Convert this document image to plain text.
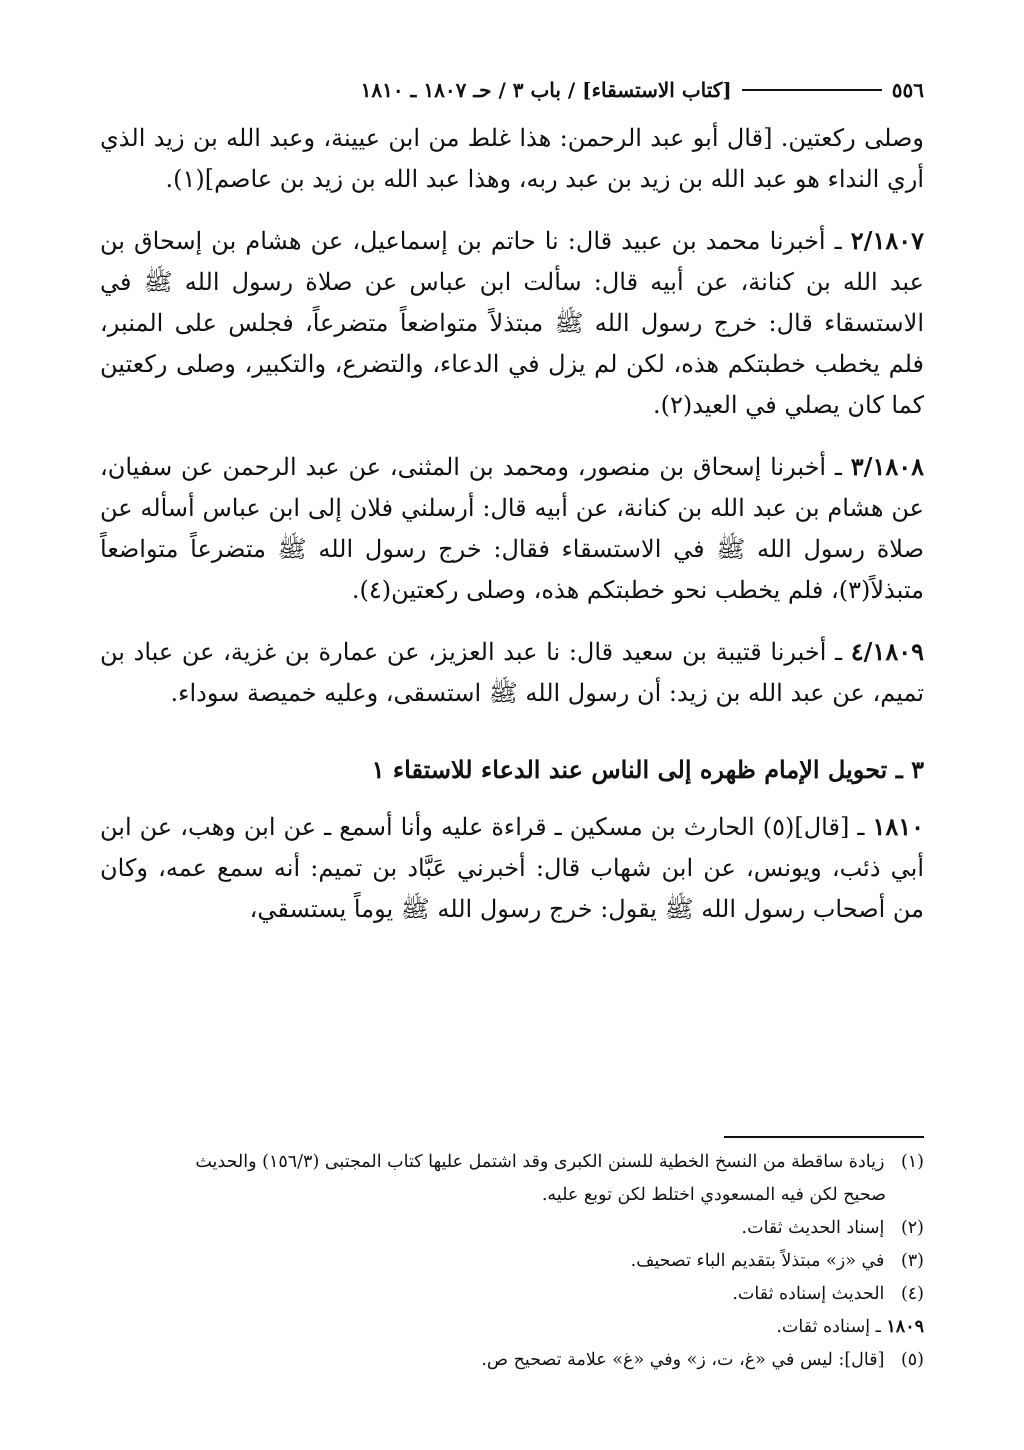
٥٥٦
[كتاب الاستسقاء] / باب ٣ / حـ ١٨٠٧ ـ ١٨١٠

وصلى ركعتين. [قال أبو عبد الرحمن: هذا غلط من ابن عيينة، وعبد الله بن زيد الذي أري النداء هو عبد الله بن زيد بن عبد ربه، وهذا عبد الله بن زيد بن عاصم](١).

٢/١٨٠٧ ـ أخبرنا محمد بن عبيد قال: نا حاتم بن إسماعيل، عن هشام بن إسحاق بن عبد الله بن كنانة، عن أبيه قال: سألت ابن عباس عن صلاة رسول الله ﷺ في الاستسقاء قال: خرج رسول الله ﷺ مبتذلاً متواضعاً متضرعاً، فجلس على المنبر، فلم يخطب خطبتكم هذه، لكن لم يزل في الدعاء، والتضرع، والتكبير، وصلى ركعتين كما كان يصلي في العيد(٢).

٣/١٨٠٨ ـ أخبرنا إسحاق بن منصور، ومحمد بن المثنى، عن عبد الرحمن عن سفيان، عن هشام بن عبد الله بن كنانة، عن أبيه قال: أرسلني فلان إلى ابن عباس أسأله عن صلاة رسول الله ﷺ في الاستسقاء فقال: خرج رسول الله ﷺ متضرعاً متواضعاً متبذلاً(٣)، فلم يخطب نحو خطبتكم هذه، وصلى ركعتين(٤).

٤/١٨٠٩ ـ أخبرنا قتيبة بن سعيد قال: نا عبد العزيز، عن عمارة بن غزية، عن عباد بن تميم، عن عبد الله بن زيد: أن رسول الله ﷺ استسقى، وعليه خميصة سوداء.

٣ ـ تحويل الإمام ظهره إلى الناس عند الدعاء للاستقاء ١

١٨١٠ ـ [قال](٥) الحارث بن مسكين ـ قراءة عليه وأنا أسمع ـ عن ابن وهب، عن ابن أبي ذئب، ويونس، عن ابن شهاب قال: أخبرني عَبَّاد بن تميم: أنه سمع عمه، وكان من أصحاب رسول الله ﷺ يقول: خرج رسول الله ﷺ يوماً يستسقي،

(١) زيادة ساقطة من النسخ الخطية للسنن الكبرى وقد اشتمل عليها كتاب المجتبى (١٥٦/٣) والحديث
صحيح لكن فيه المسعودي اختلط لكن توبع عليه.

(٢) إسناد الحديث ثقات.

(٣) في «ز» مبتذلاً بتقديم الباء تصحيف.

(٤) الحديث إسناده ثقات.

١٨٠٩ ـ إسناده ثقات.

(٥) [قال]: ليس في «غ، ت، ز» وفي «غ» علامة تصحيح ص.
